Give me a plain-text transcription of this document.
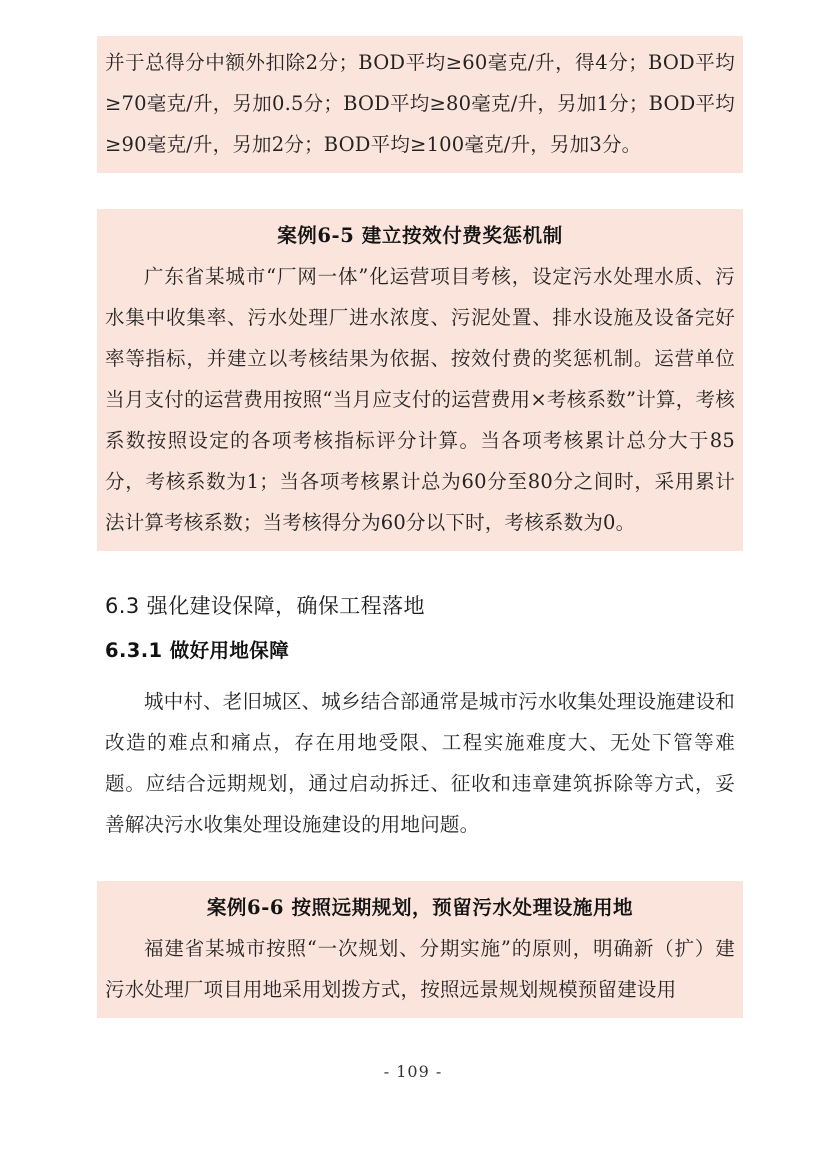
并于总得分中额外扣除2分；BOD平均≥60毫克/升，得4分；BOD平均≥70毫克/升，另加0.5分；BOD平均≥80毫克/升，另加1分；BOD平均≥90毫克/升，另加2分；BOD平均≥100毫克/升，另加3分。

案例6-5 建立按效付费奖惩机制

广东省某城市“厂网一体”化运营项目考核，设定污水处理水质、污水集中收集率、污水处理厂进水浓度、污泥处置、排水设施及设备完好率等指标，并建立以考核结果为依据、按效付费的奖惩机制。运营单位当月支付的运营费用按照“当月应支付的运营费用×考核系数”计算，考核系数按照设定的各项考核指标评分计算。当各项考核累计总分大于85分，考核系数为1；当各项考核累计总为60分至80分之间时，采用累计法计算考核系数；当考核得分为60分以下时，考核系数为0。

6.3 强化建设保障，确保工程落地
6.3.1 做好用地保障

城中村、老旧城区、城乡结合部通常是城市污水收集处理设施建设和改造的难点和痛点，存在用地受限、工程实施难度大、无处下管等难题。应结合远期规划，通过启动拆迁、征收和违章建筑拆除等方式，妥善解决污水收集处理设施建设的用地问题。

案例6-6 按照远期规划，预留污水处理设施用地

福建省某城市按照“一次规划、分期实施”的原则，明确新（扩）建污水处理厂项目用地采用划拨方式，按照远景规划规模预留建设用

- 109 -
